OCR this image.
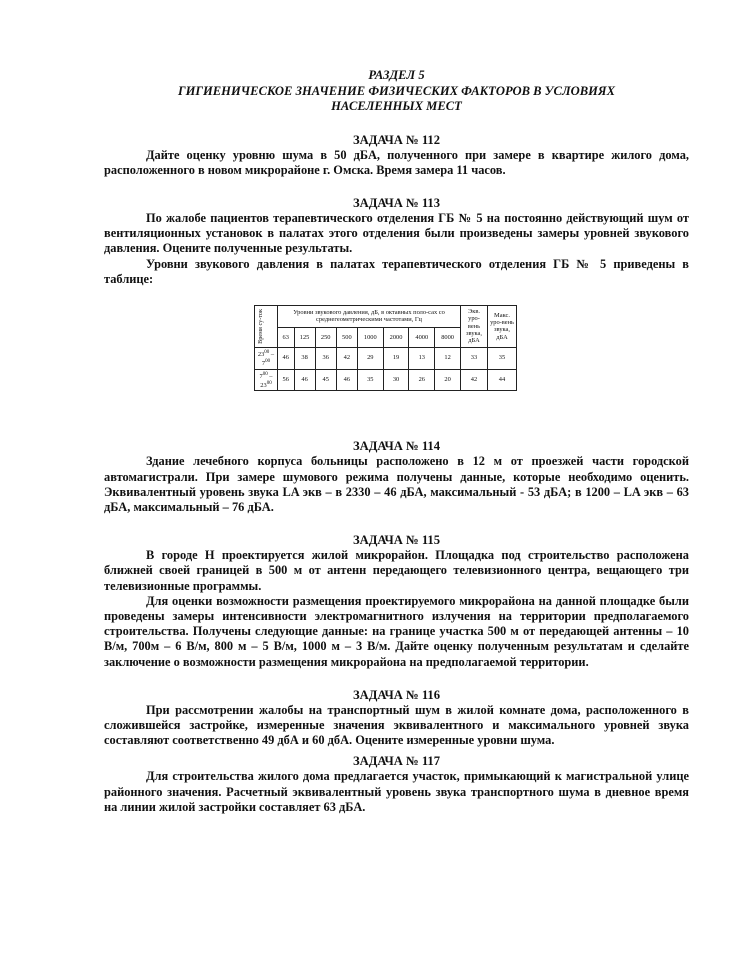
РАЗДЕЛ 5
ГИГИЕНИЧЕСКОЕ ЗНАЧЕНИЕ ФИЗИЧЕСКИХ ФАКТОРОВ В УСЛОВИЯХ
НАСЕЛЕННЫХ МЕСТ
ЗАДАЧА № 112

Дайте оценку уровню шума в 50 дБА, полученного при замере в квартире жилого дома, расположенного в новом микрорайоне г. Омска. Время замера 11 часов.

ЗАДАЧА № 113

По жалобе пациентов терапевтического отделения ГБ № 5 на постоянно действующий шум от вентиляционных установок в палатах этого отделения были произведены замеры уровней звукового давления. Оцените полученные результаты.

Уровни звукового давления в палатах терапевтического отделения ГБ № 5 приведены в таблице:

Время су-ток	Уровни звукового давления, дБ, в октавных поло-сах со среднегеометрическими частотами, Гц								Экв. уро-вень звука, дБА	Макс. уро-вень звука, дБА
	63	125	250	500	1000	2000	4000	8000		
$23^{00}$ –
$7^{00}$	46	38	36	42	29	19	13	12	33	35
$7^{00}$ –
$23^{00}$	56	46	45	46	35	30	26	20	42	44
ЗАДАЧА № 114

Здание лечебного корпуса больницы расположено в 12 м от проезжей части городской автомагистрали. При замере шумового режима получены данные, которые необходимо оценить. Эквивалентный уровень звука LA экв – в 2330 – 46 дБА, максимальный - 53 дБА; в 1200 – LA экв – 63 дБА, максимальный – 76 дБА.

ЗАДАЧА № 115

В городе Н проектируется жилой микрорайон. Площадка под строительство расположена ближней своей границей в 500 м от антенн передающего телевизионного центра, вещающего три телевизионные программы.

Для оценки возможности размещения проектируемого микрорайона на данной площадке были проведены замеры интенсивности электромагнитного излучения на территории предполагаемого строительства. Получены следующие данные: на границе участка 500 м от передающей антенны – 10 В/м, 700м – 6 В/м, 800 м – 5 В/м, 1000 м – 3 В/м. Дайте оценку полученным результатам и сделайте заключение о возможности размещения микрорайона на предполагаемой территории.

ЗАДАЧА № 116

При рассмотрении жалобы на транспортный шум в жилой комнате дома, расположенного в сложившейся застройке, измеренные значения эквивалентного и максимального уровней звука составляют соответственно 49 дбА и 60 дбА. Оцените измеренные уровни шума.

ЗАДАЧА № 117

Для строительства жилого дома предлагается участок, примыкающий к магистральной улице районного значения. Расчетный эквивалентный уровень звука транспортного шума в дневное время на линии жилой застройки составляет 63 дБА.
